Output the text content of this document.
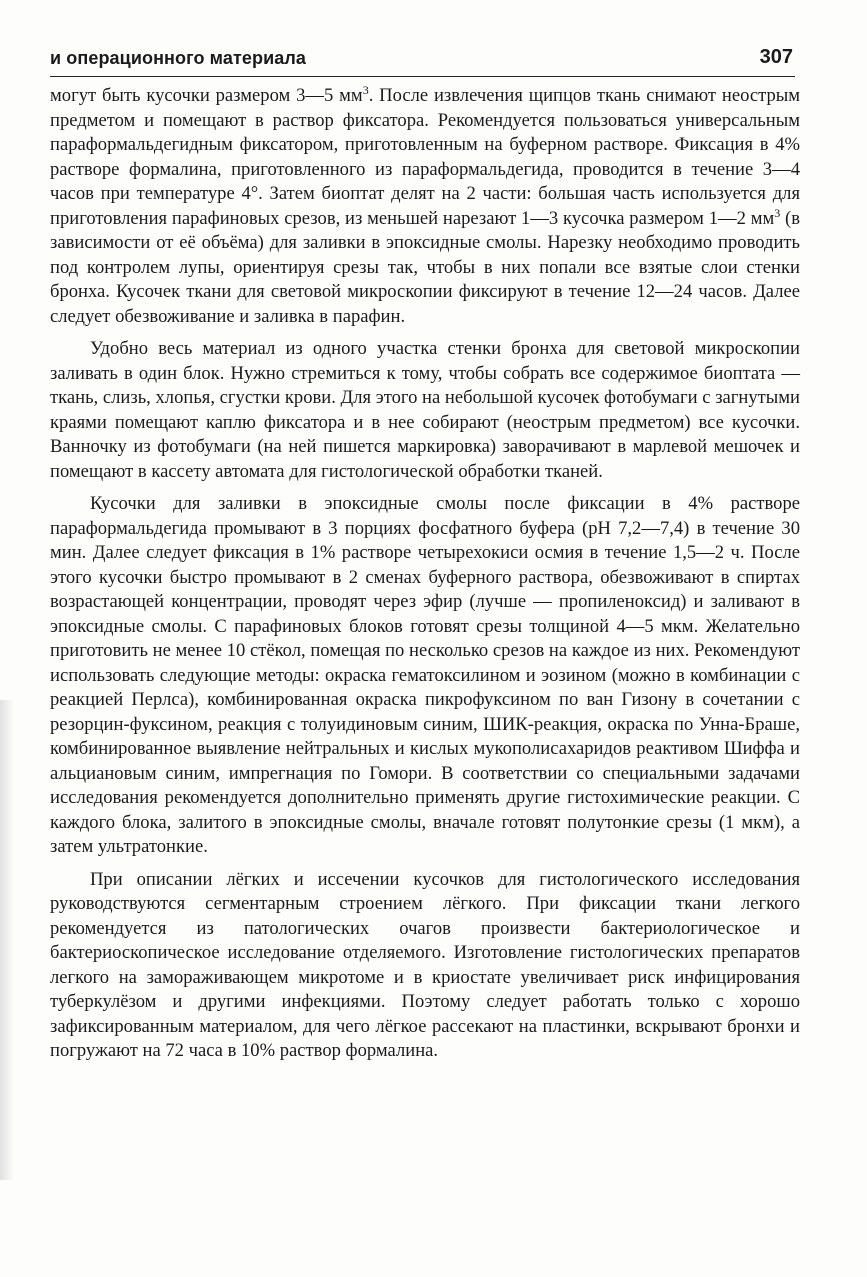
и операционного материала	307

могут быть кусочки размером 3—5 $мм^3$. После извлечения щипцов ткань снимают неострым предметом и помещают в раствор фиксатора. Рекомендуется пользоваться универсальным параформальдегидным фиксатором, приготовленным на буферном растворе. Фиксация в 4% растворе формалина, приготовленного из параформальдегида, проводится в течение 3—4 часов при температуре 4°. Затем биоптат делят на 2 части: большая часть используется для приготовления парафиновых срезов, из меньшей нарезают 1—3 кусочка размером 1—2 $мм^3$ (в зависимости от её объёма) для заливки в эпоксидные смолы. Нарезку необходимо проводить под контролем лупы, ориентируя срезы так, чтобы в них попали все взятые слои стенки бронха. Кусочек ткани для световой микроскопии фиксируют в течение 12—24 часов. Далее следует обезвоживание и заливка в парафин.

Удобно весь материал из одного участка стенки бронха для световой микроскопии заливать в один блок. Нужно стремиться к тому, чтобы собрать все содержимое биоптата — ткань, слизь, хлопья, сгустки крови. Для этого на небольшой кусочек фотобумаги с загнутыми краями помещают каплю фиксатора и в нее собирают (неострым предметом) все кусочки. Ванночку из фотобумаги (на ней пишется маркировка) заворачивают в марлевой мешочек и помещают в кассету автомата для гистологической обработки тканей.

Кусочки для заливки в эпоксидные смолы после фиксации в 4% растворе параформальдегида промывают в 3 порциях фосфатного буфера (pH 7,2—7,4) в течение 30 мин. Далее следует фиксация в 1% растворе четырехокиси осмия в течение 1,5—2 ч. После этого кусочки быстро промывают в 2 сменах буферного раствора, обезвоживают в спиртах возрастающей концентрации, проводят через эфир (лучше — пропиленоксид) и заливают в эпоксидные смолы. С парафиновых блоков готовят срезы толщиной 4—5 мкм. Желательно приготовить не менее 10 стёкол, помещая по несколько срезов на каждое из них. Рекомендуют использовать следующие методы: окраска гематоксилином и эозином (можно в комбинации с реакцией Перлса), комбинированная окраска пикрофуксином по ван Гизону в сочетании с резорцин-фуксином, реакция с толуидиновым синим, ШИК-реакция, окраска по Унна-Браше, комбинированное выявление нейтральных и кислых мукополисахаридов реактивом Шиффа и альциановым синим, импрегнация по Гомори. В соответствии со специальными задачами исследования рекомендуется дополнительно применять другие гистохимические реакции. С каждого блока, залитого в эпоксидные смолы, вначале готовят полутонкие срезы (1 мкм), а затем ультратонкие.

При описании лёгких и иссечении кусочков для гистологического исследования руководствуются сегментарным строением лёгкого. При фиксации ткани легкого рекомендуется из патологических очагов произвести бактериологическое и бактериоскопическое исследование отделяемого. Изготовление гистологических препаратов легкого на замораживающем микротоме и в криостате увеличивает риск инфицирования туберкулёзом и другими инфекциями. Поэтому следует работать только с хорошо зафиксированным материалом, для чего лёгкое рассекают на пластинки, вскрывают бронхи и погружают на 72 часа в 10% раствор формалина.
